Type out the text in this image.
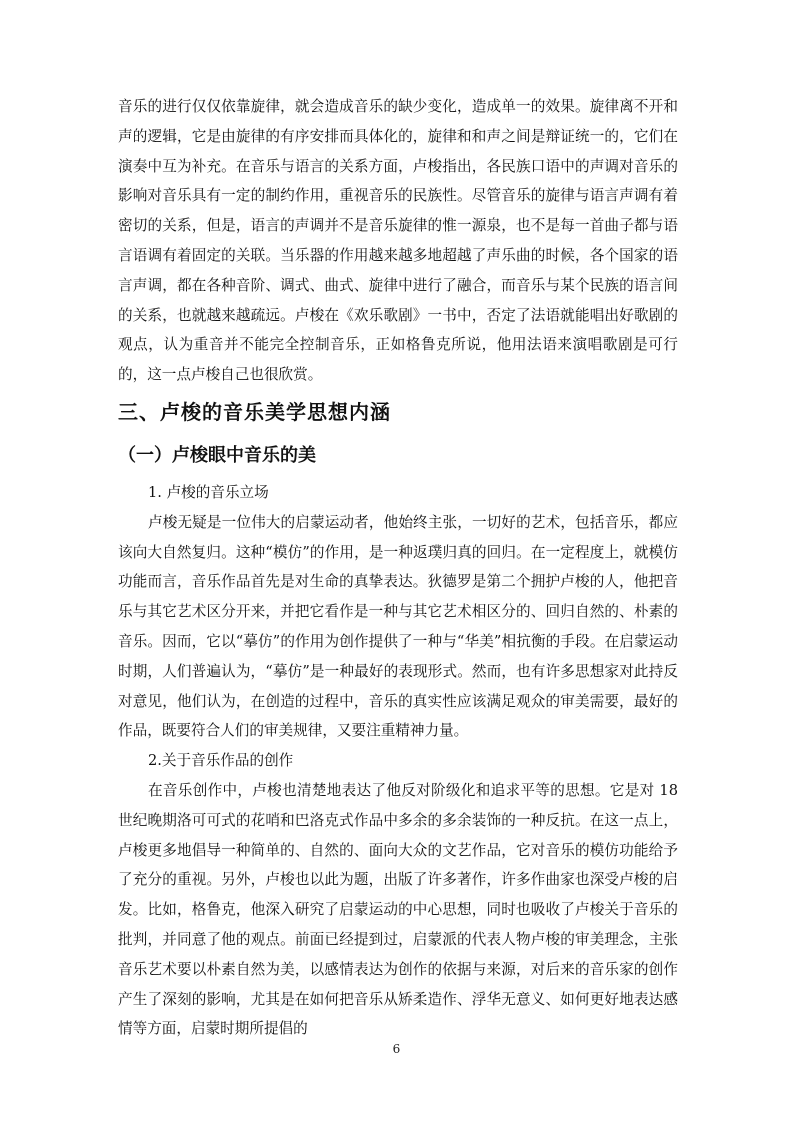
音乐的进行仅仅依靠旋律，就会造成音乐的缺少变化，造成单一的效果。旋律离不开和声的逻辑，它是由旋律的有序安排而具体化的，旋律和和声之间是辩证统一的，它们在演奏中互为补充。在音乐与语言的关系方面，卢梭指出，各民族口语中的声调对音乐的影响对音乐具有一定的制约作用，重视音乐的民族性。尽管音乐的旋律与语言声调有着密切的关系，但是，语言的声调并不是音乐旋律的惟一源泉，也不是每一首曲子都与语言语调有着固定的关联。当乐器的作用越来越多地超越了声乐曲的时候，各个国家的语言声调，都在各种音阶、调式、曲式、旋律中进行了融合，而音乐与某个民族的语言间的关系，也就越来越疏远。卢梭在《欢乐歌剧》一书中，否定了法语就能唱出好歌剧的观点，认为重音并不能完全控制音乐，正如格鲁克所说，他用法语来演唱歌剧是可行的，这一点卢梭自己也很欣赏。

三、卢梭的音乐美学思想内涵
（一）卢梭眼中音乐的美

1. 卢梭的音乐立场

卢梭无疑是一位伟大的启蒙运动者，他始终主张，一切好的艺术，包括音乐，都应该向大自然复归。这种“模仿”的作用，是一种返璞归真的回归。在一定程度上，就模仿功能而言，音乐作品首先是对生命的真挚表达。狄德罗是第二个拥护卢梭的人，他把音乐与其它艺术区分开来，并把它看作是一种与其它艺术相区分的、回归自然的、朴素的音乐。因而，它以“摹仿”的作用为创作提供了一种与“华美”相抗衡的手段。在启蒙运动时期，人们普遍认为，“摹仿”是一种最好的表现形式。然而，也有许多思想家对此持反对意见，他们认为，在创造的过程中，音乐的真实性应该满足观众的审美需要，最好的作品，既要符合人们的审美规律，又要注重精神力量。

2.关于音乐作品的创作

在音乐创作中，卢梭也清楚地表达了他反对阶级化和追求平等的思想。它是对 18 世纪晚期洛可可式的花哨和巴洛克式作品中多余的多余装饰的一种反抗。在这一点上，卢梭更多地倡导一种简单的、自然的、面向大众的文艺作品，它对音乐的模仿功能给予了充分的重视。另外，卢梭也以此为题，出版了许多著作，许多作曲家也深受卢梭的启发。比如，格鲁克，他深入研究了启蒙运动的中心思想，同时也吸收了卢梭关于音乐的批判，并同意了他的观点。前面已经提到过，启蒙派的代表人物卢梭的审美理念，主张音乐艺术要以朴素自然为美，以感情表达为创作的依据与来源，对后来的音乐家的创作产生了深刻的影响，尤其是在如何把音乐从矫柔造作、浮华无意义、如何更好地表达感情等方面，启蒙时期所提倡的

6
